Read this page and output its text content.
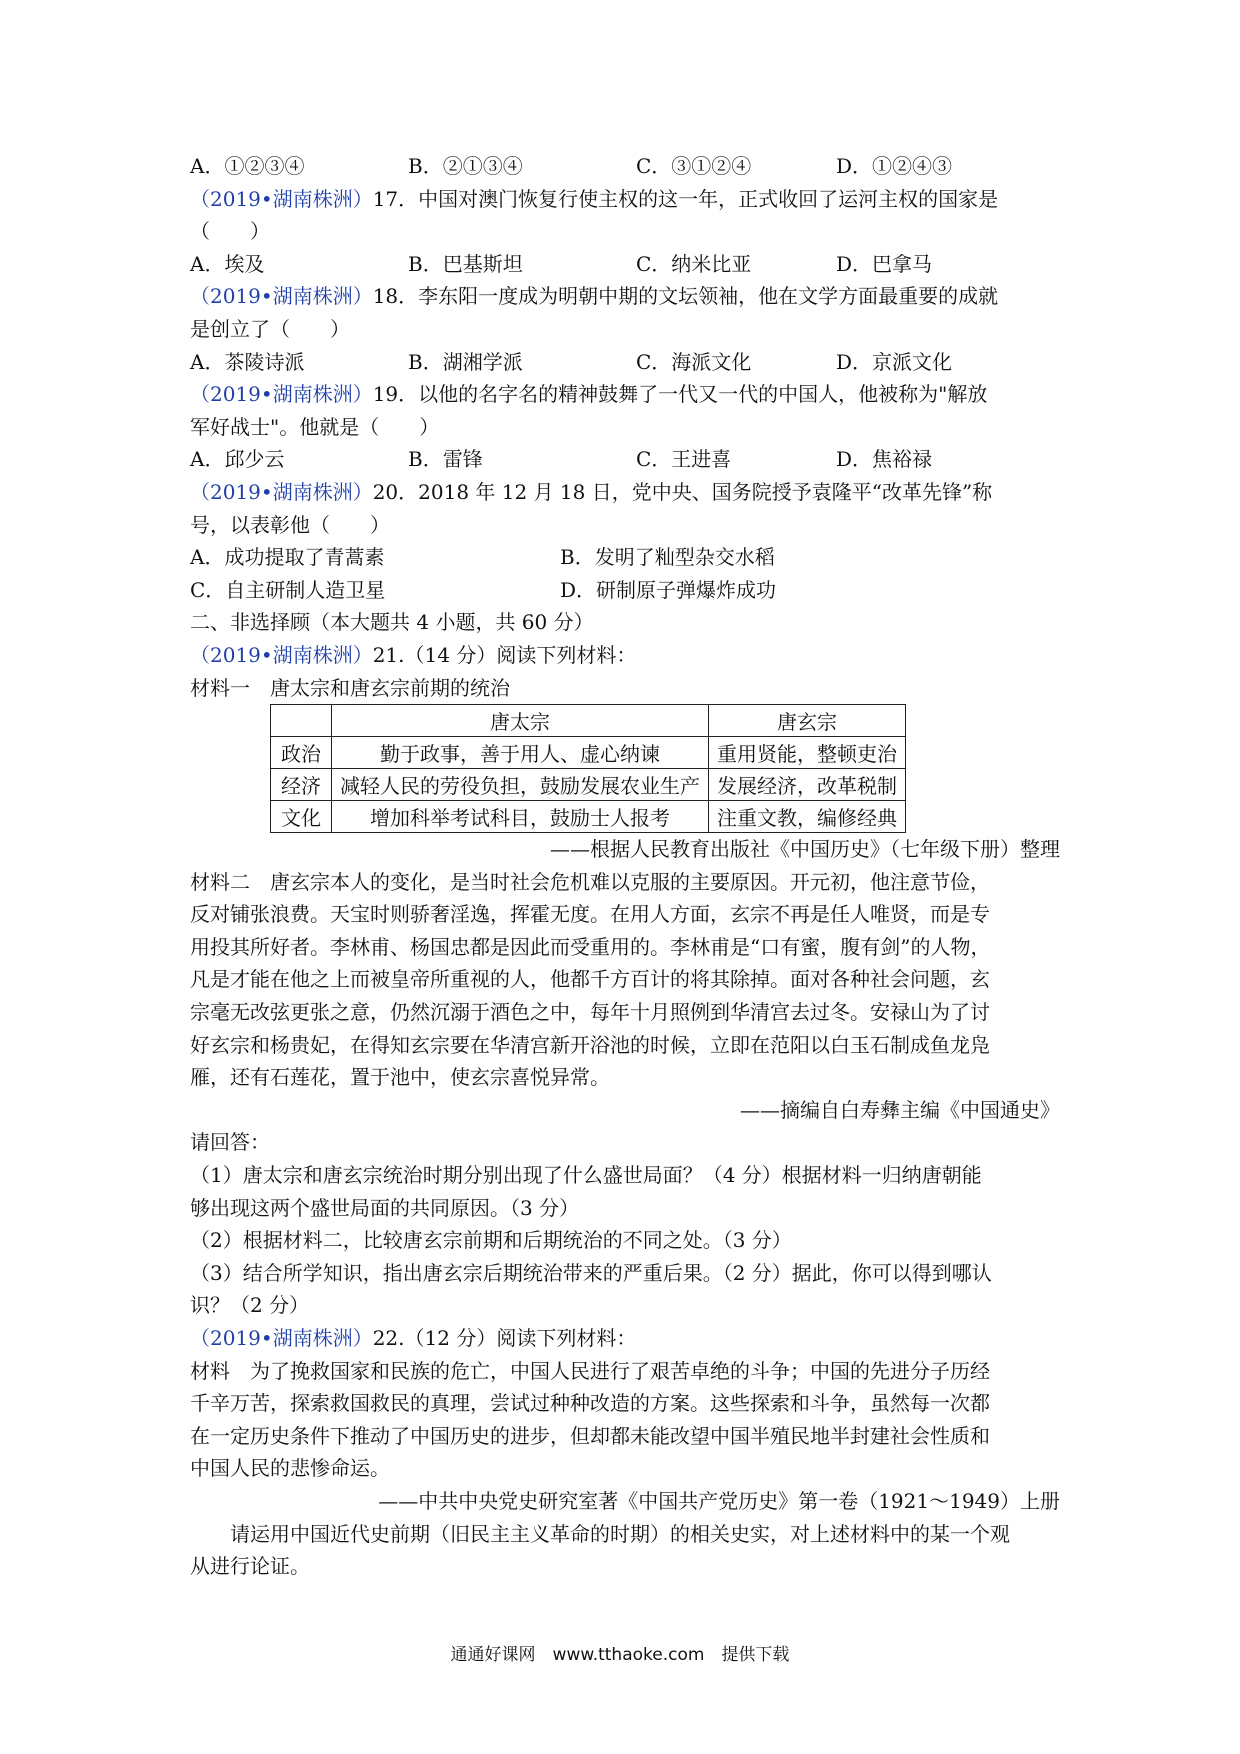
A．①②③④	B．②①③④	C．③①②④	D．①②④③
（2019•湖南株洲）17．中国对澳门恢复行使主权的这一年，正式收回了运河主权的国家是
（　　）
A．埃及	B．巴基斯坦	C．纳米比亚	D．巴拿马
（2019•湖南株洲）18．李东阳一度成为明朝中期的文坛领袖，他在文学方面最重要的成就
是创立了（　　）
A．茶陵诗派	B．湖湘学派	C．海派文化	D．京派文化
（2019•湖南株洲）19．以他的名字名的精神鼓舞了一代又一代的中国人，他被称为"解放
军好战士"。他就是（　　）
A．邱少云	B．雷锋	C．王进喜	D．焦裕禄
（2019•湖南株洲）20．2018 年 12 月 18 日，党中央、国务院授予袁隆平“改革先锋”称
号，以表彰他（　　）
A．成功提取了青蒿素	B．发明了籼型杂交水稻
C．自主研制人造卫星	D．研制原子弹爆炸成功
二、非选择顾（本大题共 4 小题，共 60 分）
（2019•湖南株洲）21.（14 分）阅读下列材料：
材料一　唐太宗和唐玄宗前期的统治
	唐太宗	唐玄宗
政治	勤于政事，善于用人、虚心纳谏	重用贤能，整顿吏治
经济	减轻人民的劳役负担，鼓励发展农业生产	发展经济，改革税制
文化	增加科举考试科目，鼓励士人报考	注重文教，编修经典
——根据人民教育出版社《中国历史》（七年级下册）整理
材料二　唐玄宗本人的变化，是当时社会危机难以克服的主要原因。开元初，他注意节俭，
反对铺张浪费。天宝时则骄奢淫逸，挥霍无度。在用人方面，玄宗不再是任人唯贤，而是专
用投其所好者。李林甫、杨国忠都是因此而受重用的。李林甫是“口有蜜，腹有剑”的人物，
凡是才能在他之上而被皇帝所重视的人，他都千方百计的将其除掉。面对各种社会问题，玄
宗毫无改弦更张之意，仍然沉溺于酒色之中，每年十月照例到华清宫去过冬。安禄山为了讨
好玄宗和杨贵妃，在得知玄宗要在华清宫新开浴池的时候，立即在范阳以白玉石制成鱼龙凫
雁，还有石莲花，置于池中，使玄宗喜悦异常。
——摘编自白寿彝主编《中国通史》
请回答：
（1）唐太宗和唐玄宗统治时期分别出现了什么盛世局面？（4 分）根据材料一归纳唐朝能
够出现这两个盛世局面的共同原因。（3 分）
（2）根据材料二，比较唐玄宗前期和后期统治的不同之处。（3 分）
（3）结合所学知识，指出唐玄宗后期统治带来的严重后果。（2 分）据此，你可以得到哪认
识？（2 分）
（2019•湖南株洲）22.（12 分）阅读下列材料：
材料　为了挽救国家和民族的危亡，中国人民进行了艰苦卓绝的斗争；中国的先进分子历经
千辛万苦，探索救国救民的真理，尝试过种种改造的方案。这些探索和斗争，虽然每一次都
在一定历史条件下推动了中国历史的进步，但却都未能改望中国半殖民地半封建社会性质和
中国人民的悲惨命运。
——中共中央党史研究室著《中国共产党历史》第一卷（1921～1949）上册
请运用中国近代史前期（旧民主主义革命的时期）的相关史实，对上述材料中的某一个观
从进行论证。
通通好课网　www.tthaoke.com　提供下载
